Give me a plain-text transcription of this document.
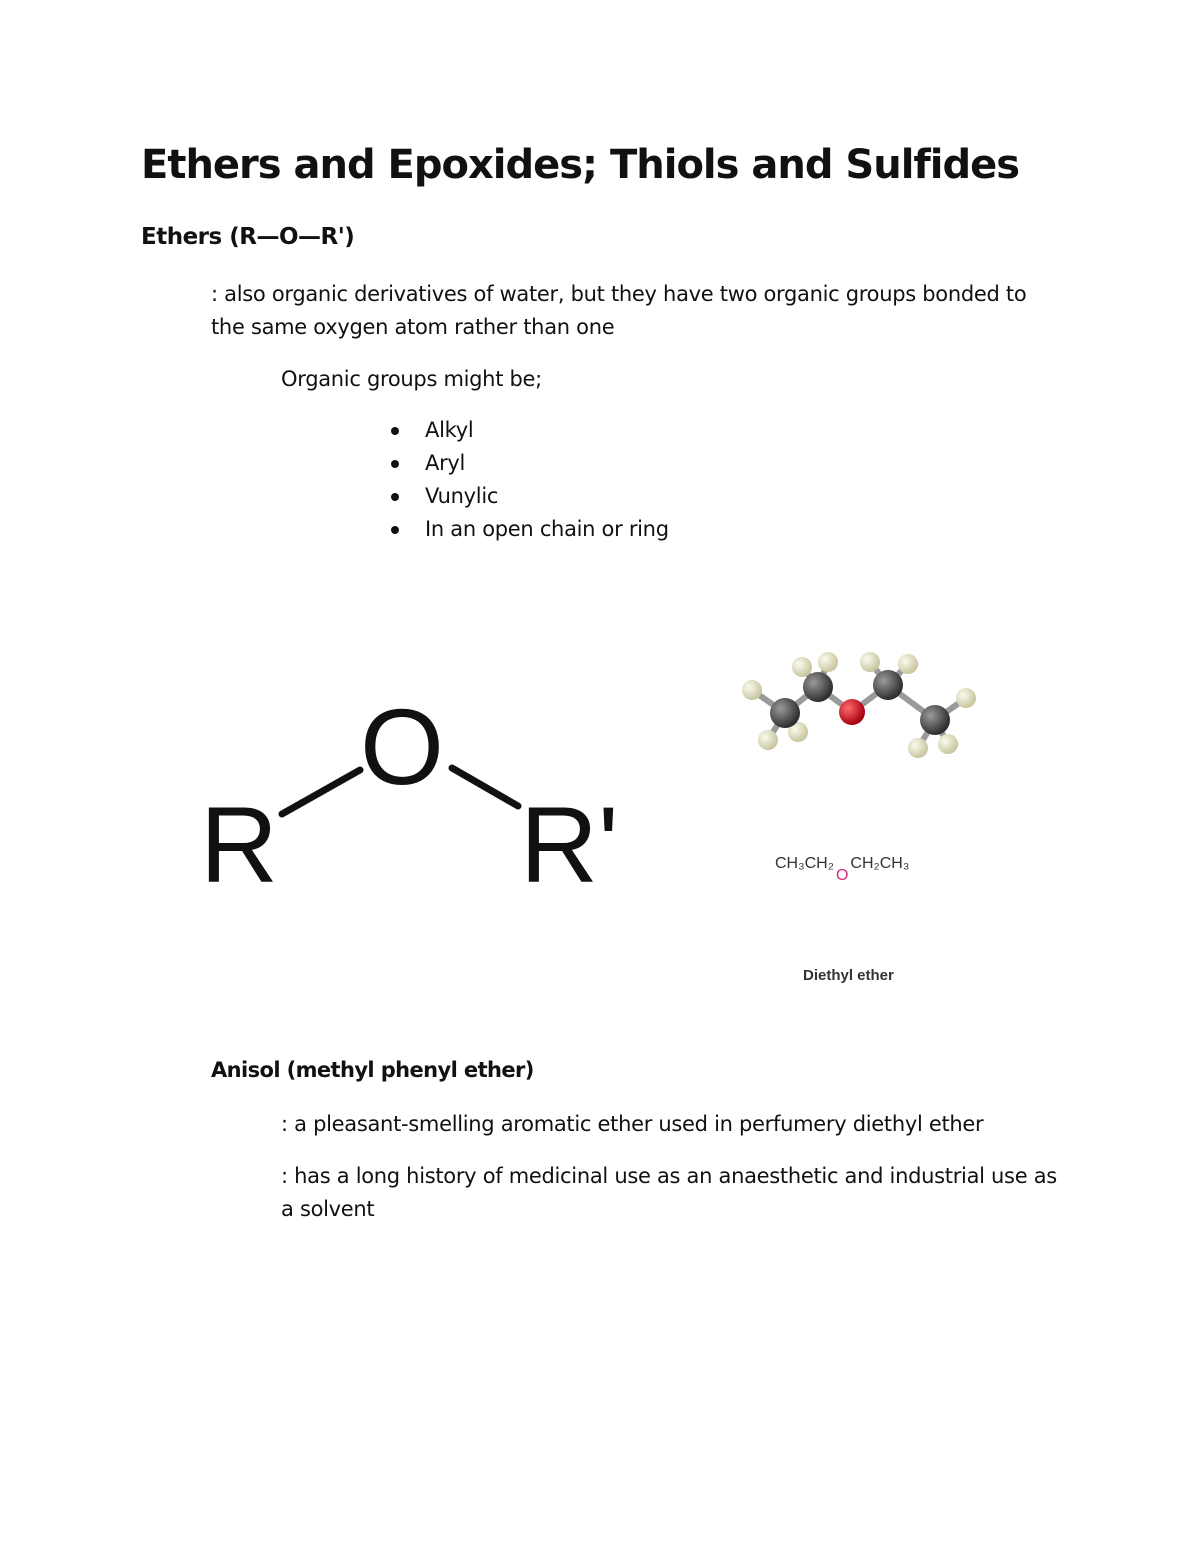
Ethers and Epoxides; Thiols and Sulfides
Ethers (R—O—R')
: also organic derivatives of water, but they have two organic groups bonded to the same oxygen atom rather than one
Organic groups might be;
Alkyl
Aryl
Vunylic
In an open chain or ring
R
O
R'	CH₃CH₂OCH₂CH₃
Diethyl ether
Anisol (methyl phenyl ether)
: a pleasant-smelling aromatic ether used in perfumery diethyl ether
: has a long history of medicinal use as an anaesthetic and industrial use as a solvent
